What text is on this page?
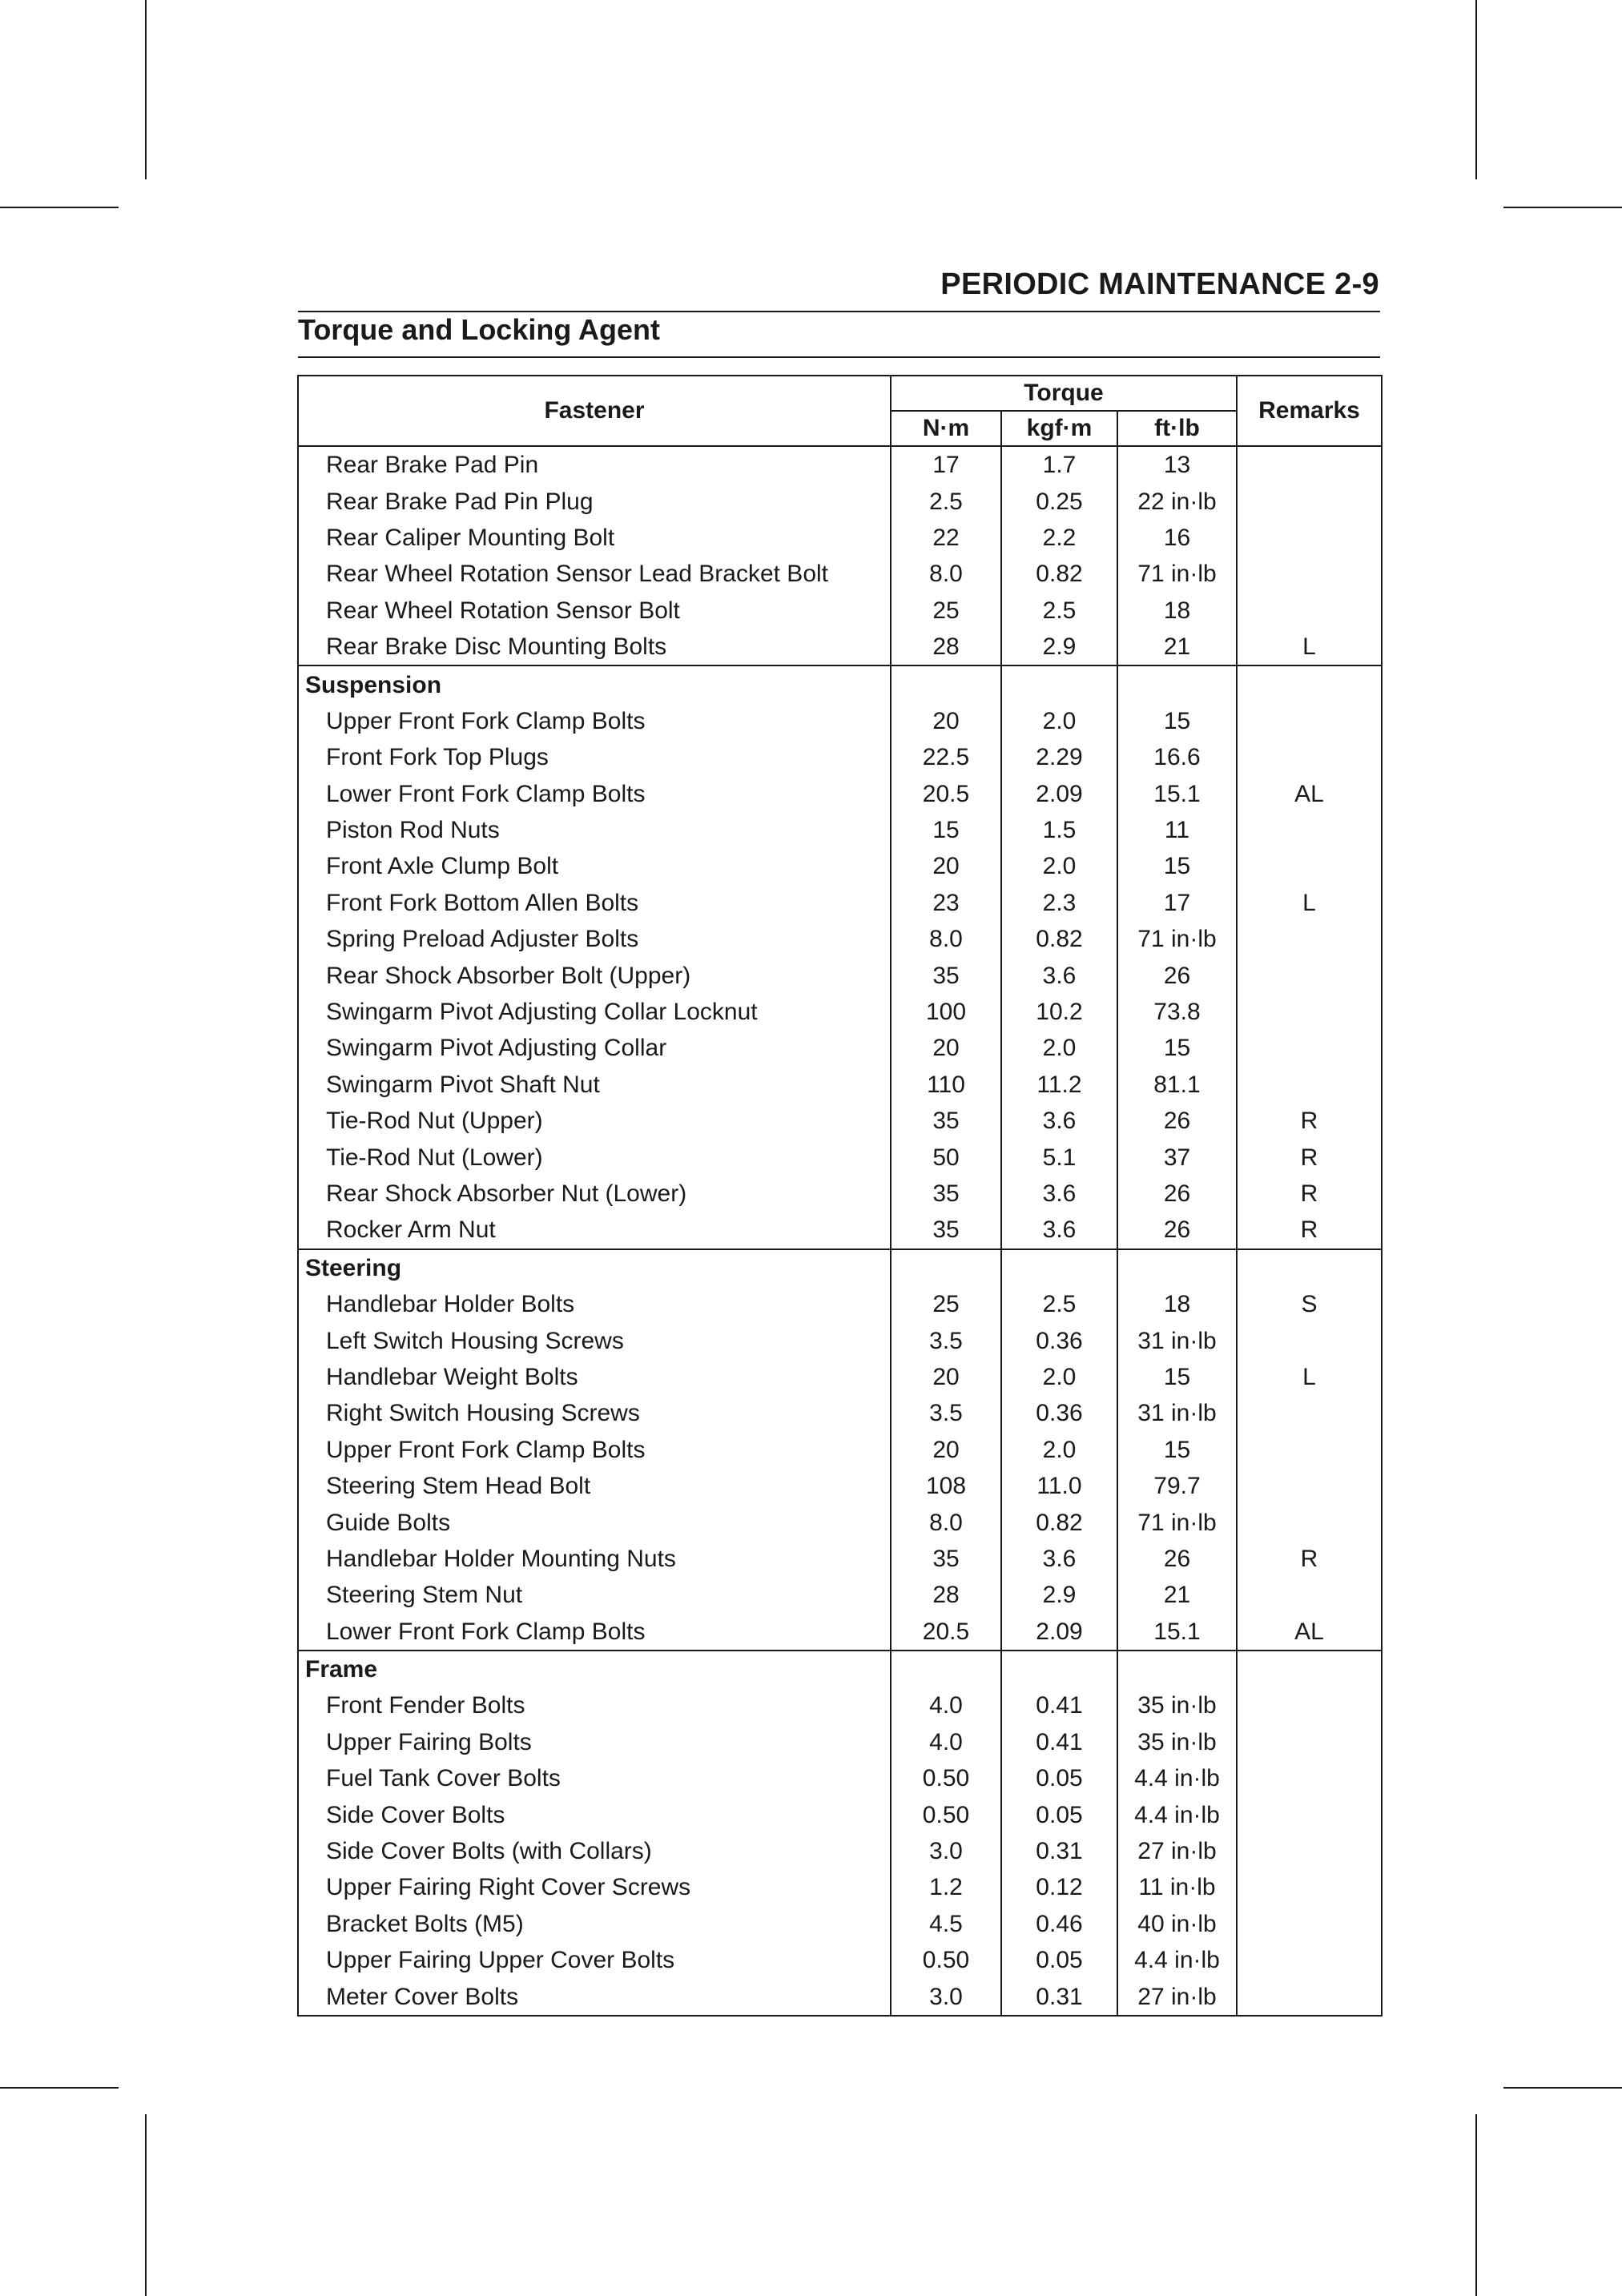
PERIODIC MAINTENANCE 2-9
Torque and Locking Agent
Fastener	Torque			Remarks
	N·m	kgf·m	ft·lb	
Rear Brake Pad Pin	17	1.7	13	
Rear Brake Pad Pin Plug	2.5	0.25	22 in·lb	
Rear Caliper Mounting Bolt	22	2.2	16	
Rear Wheel Rotation Sensor Lead Bracket Bolt	8.0	0.82	71 in·lb	
Rear Wheel Rotation Sensor Bolt	25	2.5	18	
Rear Brake Disc Mounting Bolts	28	2.9	21	L
Suspension				
Upper Front Fork Clamp Bolts	20	2.0	15	
Front Fork Top Plugs	22.5	2.29	16.6	
Lower Front Fork Clamp Bolts	20.5	2.09	15.1	AL
Piston Rod Nuts	15	1.5	11	
Front Axle Clump Bolt	20	2.0	15	
Front Fork Bottom Allen Bolts	23	2.3	17	L
Spring Preload Adjuster Bolts	8.0	0.82	71 in·lb	
Rear Shock Absorber Bolt (Upper)	35	3.6	26	
Swingarm Pivot Adjusting Collar Locknut	100	10.2	73.8	
Swingarm Pivot Adjusting Collar	20	2.0	15	
Swingarm Pivot Shaft Nut	110	11.2	81.1	
Tie-Rod Nut (Upper)	35	3.6	26	R
Tie-Rod Nut (Lower)	50	5.1	37	R
Rear Shock Absorber Nut (Lower)	35	3.6	26	R
Rocker Arm Nut	35	3.6	26	R
Steering				
Handlebar Holder Bolts	25	2.5	18	S
Left Switch Housing Screws	3.5	0.36	31 in·lb	
Handlebar Weight Bolts	20	2.0	15	L
Right Switch Housing Screws	3.5	0.36	31 in·lb	
Upper Front Fork Clamp Bolts	20	2.0	15	
Steering Stem Head Bolt	108	11.0	79.7	
Guide Bolts	8.0	0.82	71 in·lb	
Handlebar Holder Mounting Nuts	35	3.6	26	R
Steering Stem Nut	28	2.9	21	
Lower Front Fork Clamp Bolts	20.5	2.09	15.1	AL
Frame				
Front Fender Bolts	4.0	0.41	35 in·lb	
Upper Fairing Bolts	4.0	0.41	35 in·lb	
Fuel Tank Cover Bolts	0.50	0.05	4.4 in·lb	
Side Cover Bolts	0.50	0.05	4.4 in·lb	
Side Cover Bolts (with Collars)	3.0	0.31	27 in·lb	
Upper Fairing Right Cover Screws	1.2	0.12	11 in·lb	
Bracket Bolts (M5)	4.5	0.46	40 in·lb	
Upper Fairing Upper Cover Bolts	0.50	0.05	4.4 in·lb	
Meter Cover Bolts	3.0	0.31	27 in·lb	
